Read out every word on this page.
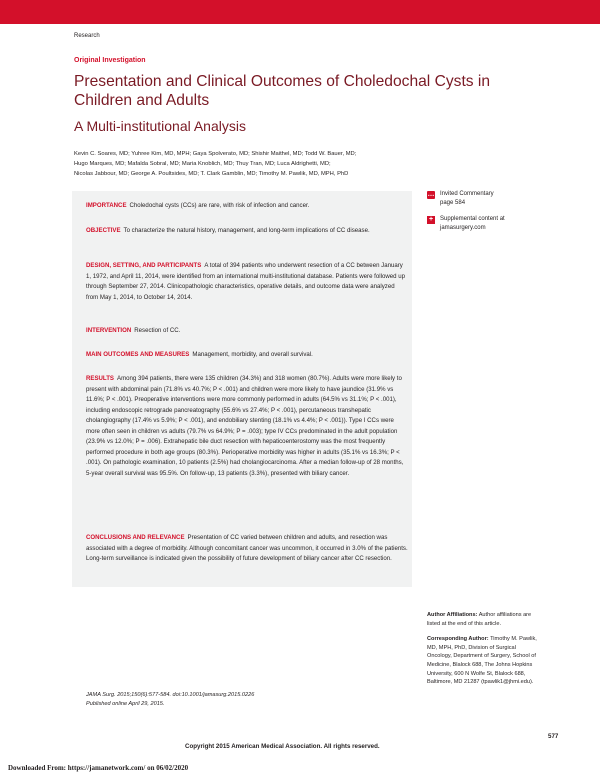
Research
Original Investigation
Presentation and Clinical Outcomes of Choledochal Cysts in Children and Adults
A Multi-institutional Analysis
Kevin C. Soares, MD; Yuhree Kim, MD, MPH; Gaya Spolverato, MD; Shishir Maithel, MD; Todd W. Bauer, MD;
Hugo Marques, MD; Mafalda Sobral, MD; Maria Knoblich, MD; Thuy Tran, MD; Luca Aldrighetti, MD;
Nicolas Jabbour, MD; George A. Poultsides, MD; T. Clark Gamblin, MD; Timothy M. Pawlik, MD, MPH, PhD
… Invited Commentary
page 584
+	Supplemental content at
jamasurgery.com

IMPORTANCE Choledochal cysts (CCs) are rare, with risk of infection and cancer.

OBJECTIVE To characterize the natural history, management, and long-term implications of CC disease.

DESIGN, SETTING, AND PARTICIPANTS A total of 394 patients who underwent resection of a CC between January 1, 1972, and April 11, 2014, were identified from an international multi-institutional database. Patients were followed up through September 27, 2014. Clinicopathologic characteristics, operative details, and outcome data were analyzed from May 1, 2014, to October 14, 2014.

INTERVENTION Resection of CC.

MAIN OUTCOMES AND MEASURES Management, morbidity, and overall survival.

RESULTS Among 394 patients, there were 135 children (34.3%) and 318 women (80.7%). Adults were more likely to present with abdominal pain (71.8% vs 40.7%; P < .001) and children were more likely to have jaundice (31.9% vs 11.6%; P < .001). Preoperative interventions were more commonly performed in adults (64.5% vs 31.1%; P < .001), including endoscopic retrograde pancreatography (55.6% vs 27.4%; P < .001), percutaneous transhepatic cholangiography (17.4% vs 5.9%; P < .001), and endobiliary stenting (18.1% vs 4.4%; P < .001)). Type I CCs were more often seen in children vs adults (79.7% vs 64.9%; P = .003); type IV CCs predominated in the adult population (23.9% vs 12.0%; P = .006). Extrahepatic bile duct resection with hepaticoenterostomy was the most frequently performed procedure in both age groups (80.3%). Perioperative morbidity was higher in adults (35.1% vs 16.3%; P < .001). On pathologic examination, 10 patients (2.5%) had cholangiocarcinoma. After a median follow-up of 28 months, 5-year overall survival was 95.5%. On follow-up, 13 patients (3.3%), presented with biliary cancer.

CONCLUSIONS AND RELEVANCE Presentation of CC varied between children and adults, and resection was associated with a degree of morbidity. Although concomitant cancer was uncommon, it occurred in 3.0% of the patients. Long-term surveillance is indicated given the possibility of future development of biliary cancer after CC resection.

Author Affiliations: Author affiliations are listed at the end of this article.

Corresponding Author: Timothy M. Pawlik, MD, MPH, PhD, Division of Surgical Oncology, Department of Surgery, School of Medicine, Blalock 688, The Johns Hopkins University, 600 N Wolfe St, Blalock 688, Baltimore, MD 21287 (tpawlik1@jhmi.edu).

JAMA Surg. 2015;150(6):577-584. doi:10.1001/jamasurg.2015.0226
Published online April 29, 2015.
Copyright 2015 American Medical Association. All rights reserved.
577
Downloaded From: https://jamanetwork.com/ on 06/02/2020
